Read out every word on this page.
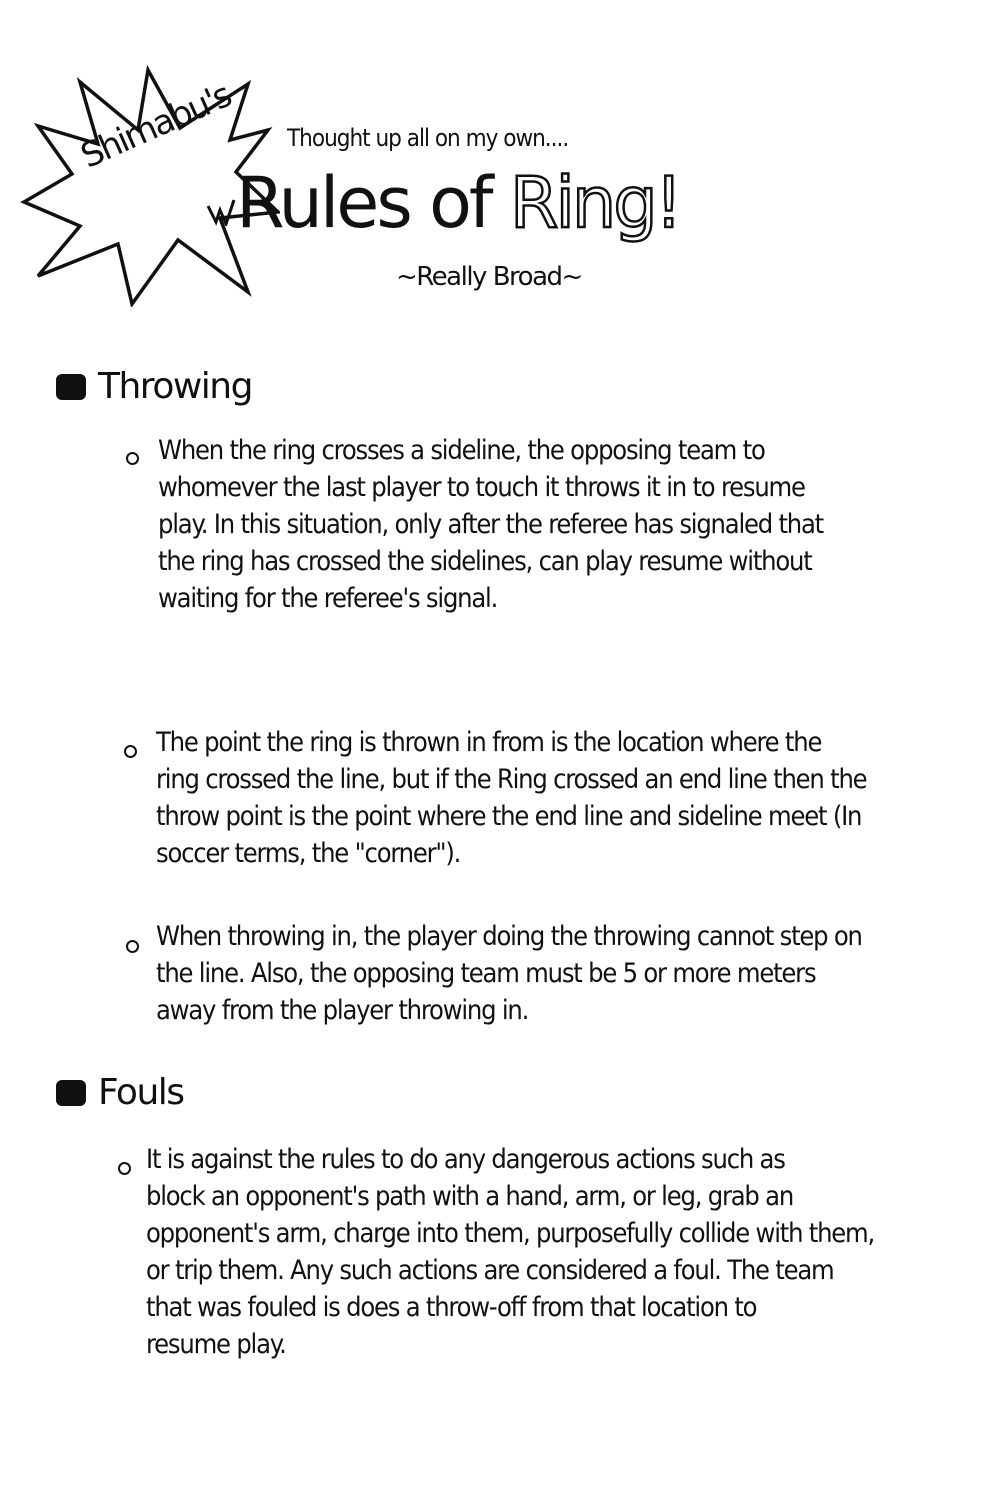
Shimabu's Thought up all on my own....
Rules of Ring!
~Really Broad~
Throwing
When the ring crosses a sideline, the opposing team to
whomever the last player to touch it throws it in to resume
play. In this situation, only after the referee has signaled that
the ring has crossed the sidelines, can play resume without
waiting for the referee's signal.
The point the ring is thrown in from is the location where the
ring crossed the line, but if the Ring crossed an end line then the
throw point is the point where the end line and sideline meet (In
soccer terms, the "corner").
When throwing in, the player doing the throwing cannot step on
the line. Also, the opposing team must be 5 or more meters
away from the player throwing in.
Fouls
It is against the rules to do any dangerous actions such as
block an opponent's path with a hand, arm, or leg, grab an
opponent's arm, charge into them, purposefully collide with them,
or trip them. Any such actions are considered a foul. The team
that was fouled is does a throw-off from that location to
resume play.
